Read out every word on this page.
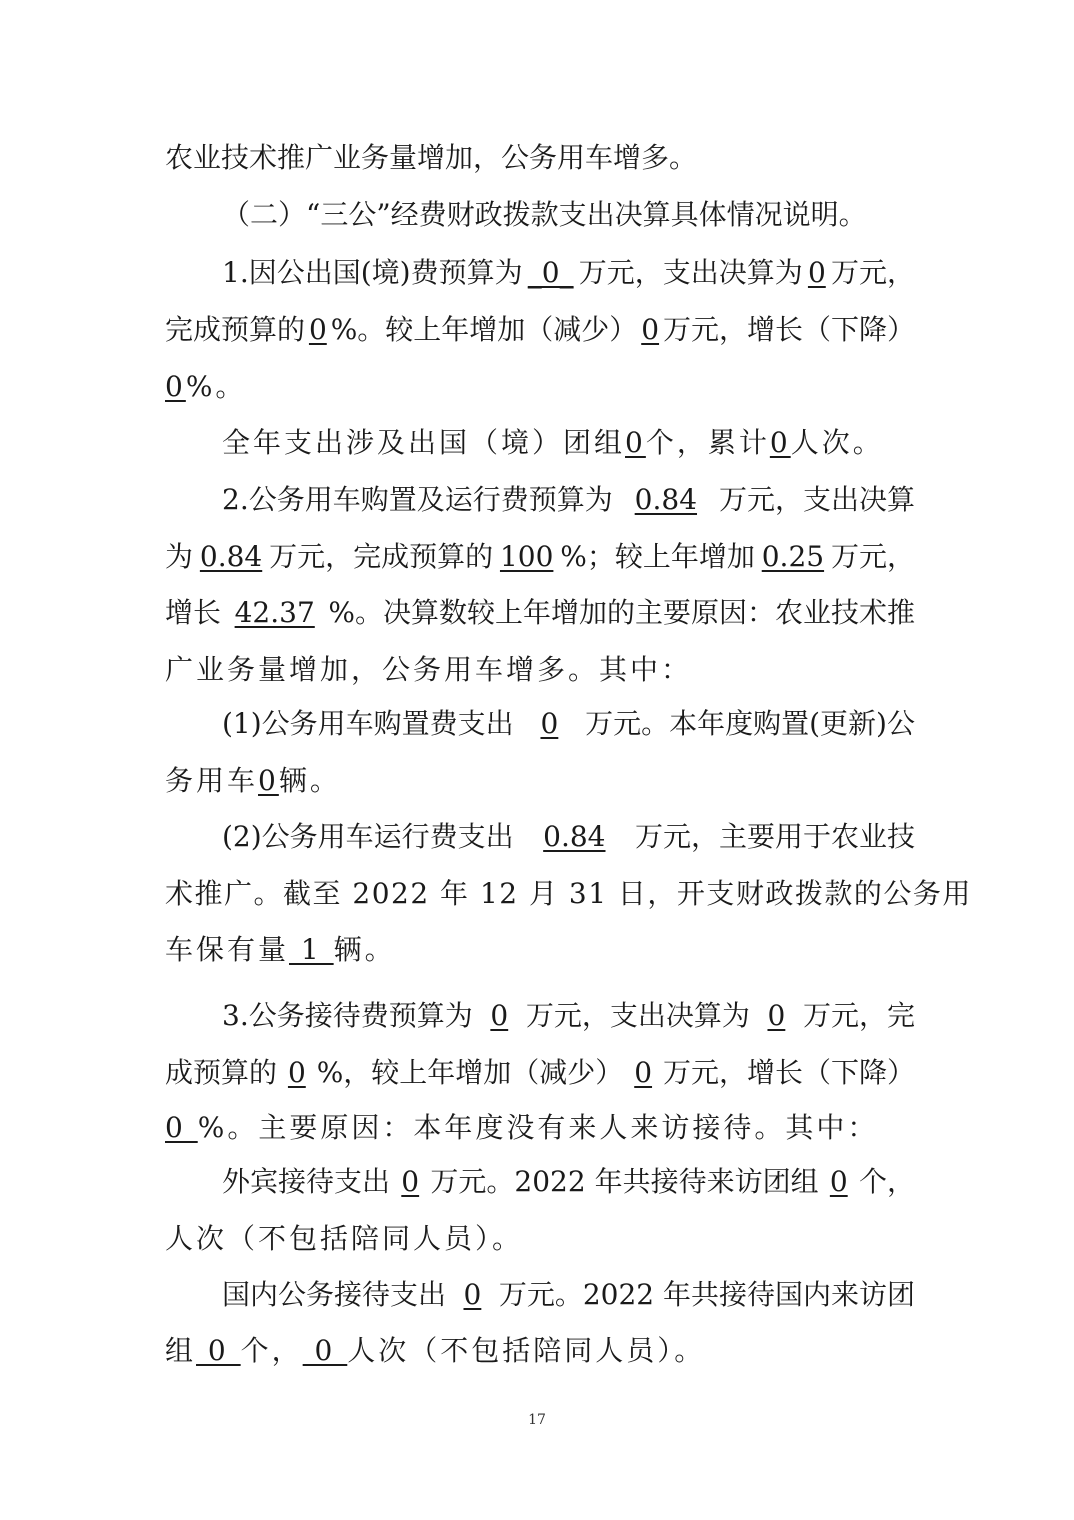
农业技术推广业务量增加，公务用车增多。
（二）“三公”经费财政拨款支出决算具体情况说明。
1.因公出国(境)费预算为 _0_ 万元，支出决算为 0 万元，
完成预算的 0 %。较上年增加（减少） 0 万元，增长（下降）
0%。
全年支出涉及出国（境）团组0个，累计0人次。
2.公务用车购置及运行费预算为 0.84 万元，支出决算
为 0.84 万元，完成预算的 100 %；较上年增加 0.25 万元，
增长 42.37 %。决算数较上年增加的主要原因：农业技术推
广业务量增加，公务用车增多。其中：
(1)公务用车购置费支出 0 万元。本年度购置(更新)公
务用车0辆。
(2)公务用车运行费支出 0.84 万元，主要用于农业技
术推广。截至 2022 年 12 月 31 日，开支财政拨款的公务用
车保有量 1 辆。
3.公务接待费预算为 0 万元，支出决算为 0 万元，完
成预算的 0 %，较上年增加（减少） 0 万元，增长（下降）
0 %。主要原因：本年度没有来人来访接待。其中：
外宾接待支出 0 万元。2022 年共接待来访团组 0 个，
人次（不包括陪同人员）。
国内公务接待支出 0 万元。2022 年共接待国内来访团
组 0 个， 0 人次（不包括陪同人员）。
17
